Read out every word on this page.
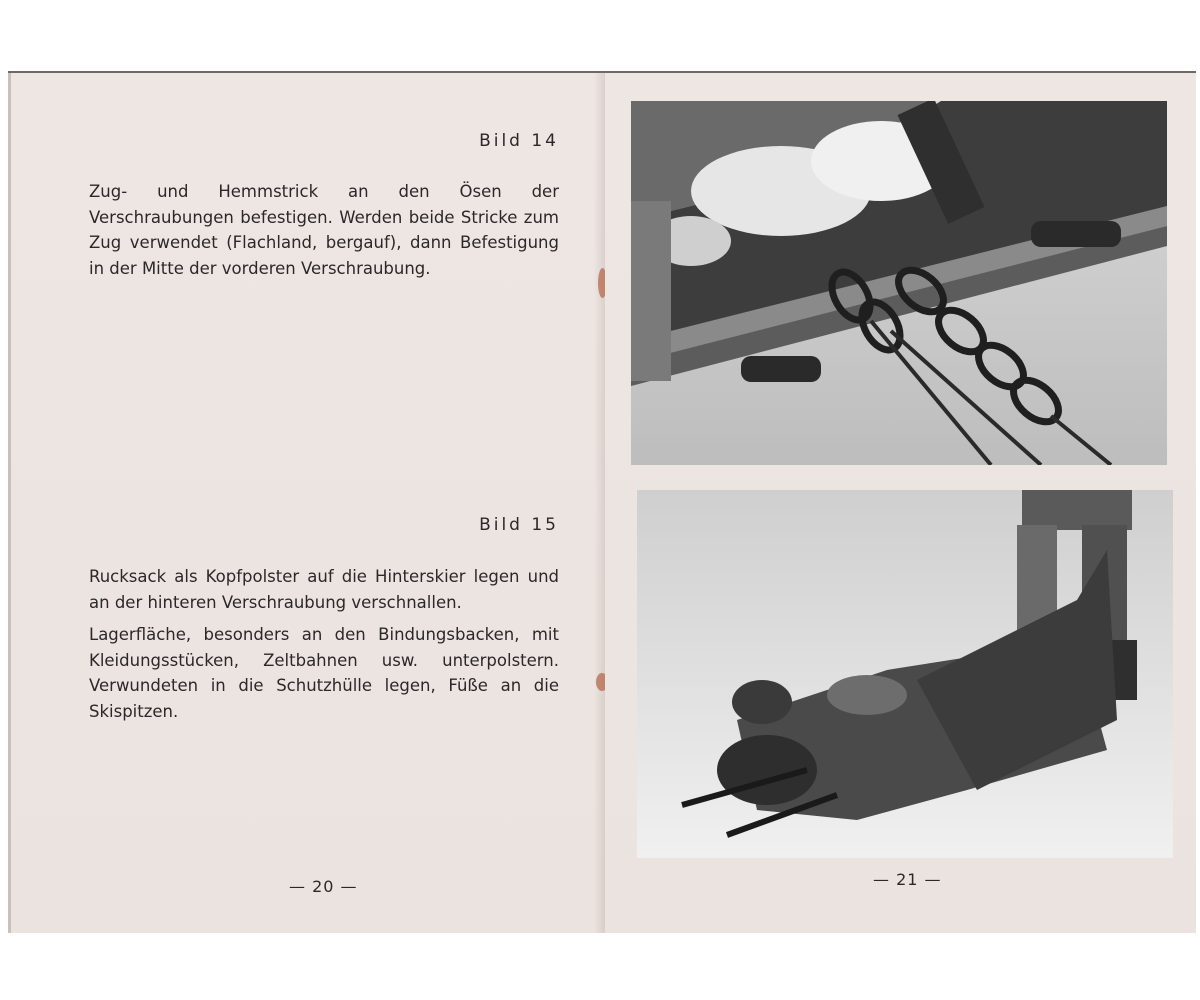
Bild 14

Zug- und Hemmstrick an den Ösen der Verschraubungen befestigen. Werden beide Stricke zum Zug verwendet (Flachland, bergauf), dann Befestigung in der Mitte der vorderen Verschraubung.

Bild 15

Rucksack als Kopfpolster auf die Hinterskier legen und an der hinteren Verschraubung verschnallen.

Lagerfläche, besonders an den Bindungsbacken, mit Kleidungsstücken, Zeltbahnen usw. unterpolstern. Verwundeten in die Schutzhülle legen, Füße an die Skispitzen.

— 20 —	— 21 —
